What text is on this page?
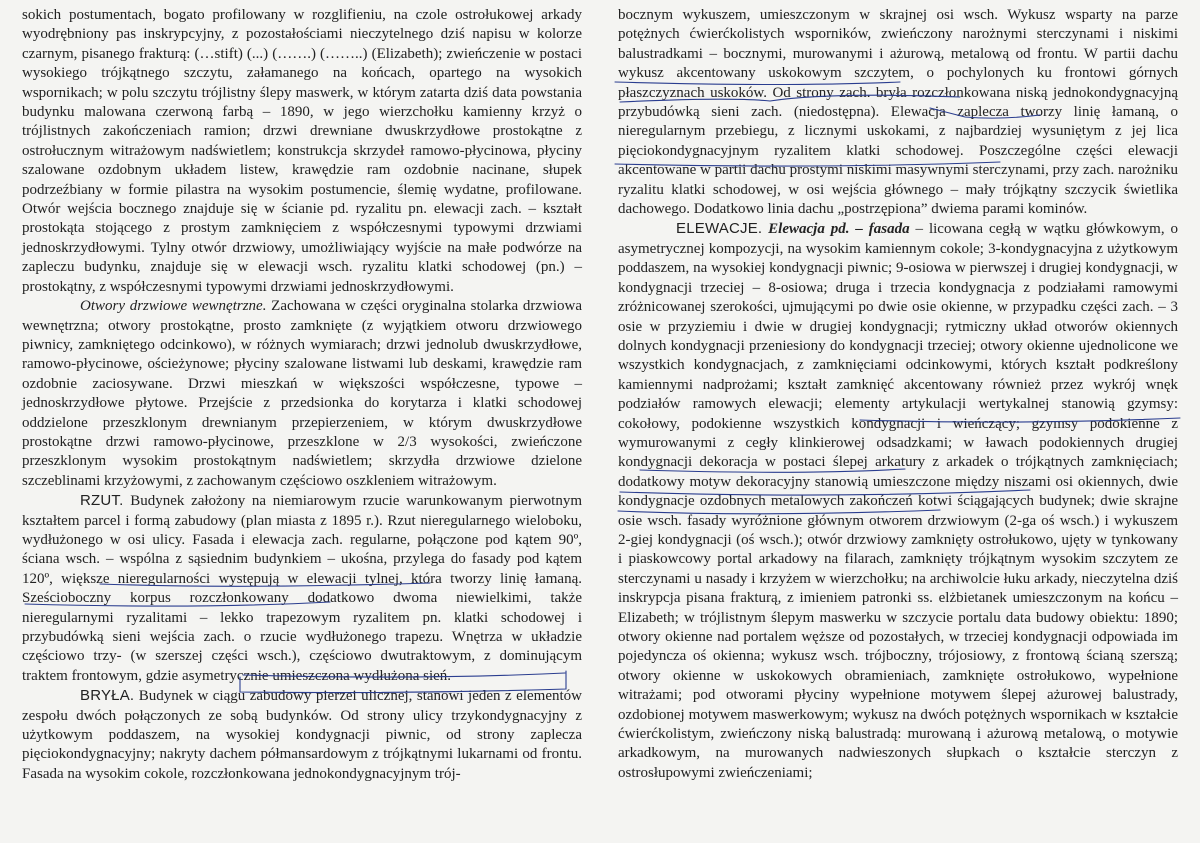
sokich postumentach, bogato profilowany w rozglifieniu, na czole ostrołukowej arkady wyodrębniony pas inskrypcyjny, z pozostałościami nieczytelnego dziś napisu w kolorze czarnym, pisanego frakturą: (…stift) (...) (…….) (……..) (Elizabeth); zwieńczenie w postaci wysokiego trójkątnego szczytu, załamanego na końcach, opartego na wysokich wspornikach; w polu szczytu trójlistny ślepy maswerk, w którym zatarta dziś data powstania budynku malowana czerwoną farbą – 1890, w jego wierzchołku kamienny krzyż o trójlistnych zakończeniach ramion; drzwi drewniane dwuskrzydłowe prostokątne z ostrołucznym witrażowym nadświetlem; konstrukcja skrzydeł ramowo-płycinowa, płyciny szalowane ozdobnym układem listew, krawędzie ram ozdobnie nacinane, słupek podrzeźbiany w formie pilastra na wysokim postumencie, ślemię wydatne, profilowane. Otwór wejścia bocznego znajduje się w ścianie pd. ryzalitu pn. elewacji zach. – kształt prostokąta stojącego z prostym zamknięciem z współczesnymi typowymi drzwiami jednoskrzydłowymi. Tylny otwór drzwiowy, umożliwiający wyjście na małe podwórze na zapleczu budynku, znajduje się w elewacji wsch. ryzalitu klatki schodowej (pn.) – prostokątny, z współczesnymi typowymi drzwiami jednoskrzydłowymi.

Otwory drzwiowe wewnętrzne. Zachowana w części oryginalna stolarka drzwiowa wewnętrzna; otwory prostokątne, prosto zamknięte (z wyjątkiem otworu drzwiowego piwnicy, zamkniętego odcinkowo), w różnych wymiarach; drzwi jednolub dwuskrzydłowe, ramowo-płycinowe, ościeżynowe; płyciny szalowane listwami lub deskami, krawędzie ram ozdobnie zaciosywane. Drzwi mieszkań w większości współczesne, typowe – jednoskrzydłowe płytowe. Przejście z przedsionka do korytarza i klatki schodowej oddzielone przeszklonym drewnianym przepierzeniem, w którym dwuskrzydłowe prostokątne drzwi ramowo-płycinowe, przeszklone w 2/3 wysokości, zwieńczone przeszklonym wysokim prostokątnym nadświetlem; skrzydła drzwiowe dzielone szczeblinami krzyżowymi, z zachowanym częściowo oszkleniem witrażowym.

RZUT. Budynek założony na niemiarowym rzucie warunkowanym pierwotnym kształtem parcel i formą zabudowy (plan miasta z 1895 r.). Rzut nieregularnego wieloboku, wydłużonego w osi ulicy. Fasada i elewacja zach. regularne, połączone pod kątem 90º, ściana wsch. – wspólna z sąsiednim budynkiem – ukośna, przylega do fasady pod kątem 120º, większe nieregularności występują w elewacji tylnej, która tworzy linię łamaną. Sześcioboczny korpus rozczłonkowany dodatkowo dwoma niewielkimi, także nieregularnymi ryzalitami – lekko trapezowym ryzalitem pn. klatki schodowej i przybudówką sieni wejścia zach. o rzucie wydłużonego trapezu. Wnętrza w układzie częściowo trzy- (w szerszej części wsch.), częściowo dwutraktowym, z dominującym traktem frontowym, gdzie asymetrycznie umieszczona wydłużona sień.

BRYŁA. Budynek w ciągu zabudowy pierzei ulicznej, stanowi jeden z elementów zespołu dwóch połączonych ze sobą budynków. Od strony ulicy trzykondygnacyjny z użytkowym poddaszem, na wysokiej kondygnacji piwnic, od strony zaplecza pięciokondygnacyjny; nakryty dachem półmansardowym z trójkątnymi lukarnami od frontu. Fasada na wysokim cokole, rozczłonkowana jednokondygnacyjnym trój-

bocznym wykuszem, umieszczonym w skrajnej osi wsch. Wykusz wsparty na parze potężnych ćwierćkolistych wsporników, zwieńczony narożnymi sterczynami i niskimi balustradkami – bocznymi, murowanymi i ażurową, metalową od frontu. W partii dachu wykusz akcentowany uskokowym szczytem, o pochylonych ku frontowi górnych płaszczyznach uskoków. Od strony zach. bryła rozczłonkowana niską jednokondygnacyjną przybudówką sieni zach. (niedostępna). Elewacja zaplecza tworzy linię łamaną, o nieregularnym przebiegu, z licznymi uskokami, z najbardziej wysuniętym z jej lica pięciokondygnacyjnym ryzalitem klatki schodowej. Poszczególne części elewacji akcentowane w partii dachu prostymi niskimi masywnymi sterczynami, przy zach. narożniku ryzalitu klatki schodowej, w osi wejścia głównego – mały trójkątny szczycik świetlika dachowego. Dodatkowo linia dachu „postrzępiona” dwiema parami kominów.

ELEWACJE. Elewacja pd. – fasada – licowana cegłą w wątku główkowym, o asymetrycznej kompozycji, na wysokim kamiennym cokole; 3-kondygnacyjna z użytkowym poddaszem, na wysokiej kondygnacji piwnic; 9-osiowa w pierwszej i drugiej kondygnacji, w kondygnacji trzeciej – 8-osiowa; druga i trzecia kondygnacja z podziałami ramowymi zróżnicowanej szerokości, ujmującymi po dwie osie okienne, w przypadku części zach. – 3 osie w przyziemiu i dwie w drugiej kondygnacji; rytmiczny układ otworów okiennych dolnych kondygnacji przeniesiony do kondygnacji trzeciej; otwory okienne ujednolicone we wszystkich kondygnacjach, z zamknięciami odcinkowymi, których kształt podkreślony kamiennymi nadprożami; kształt zamknięć akcentowany również przez wykrój wnęk podziałów ramowych elewacji; elementy artykulacji wertykalnej stanowią gzymsy: cokołowy, podokienne wszystkich kondygnacji i wieńczący; gzymsy podokienne z wymurowanymi z cegły klinkierowej odsadzkami; w ławach podokiennych drugiej kondygnacji dekoracja w postaci ślepej arkatury z arkadek o trójkątnych zamknięciach; dodatkowy motyw dekoracyjny stanowią umieszczone między niszami osi okiennych, dwie kondygnacje ozdobnych metalowych zakończeń kotwi ściągających budynek; dwie skrajne osie wsch. fasady wyróżnione głównym otworem drzwiowym (2-ga oś wsch.) i wykuszem 2-giej kondygnacji (oś wsch.); otwór drzwiowy zamknięty ostrołukowo, ujęty w tynkowany i piaskowcowy portal arkadowy na filarach, zamknięty trójkątnym wysokim szczytem ze sterczynami u nasady i krzyżem w wierzchołku; na archiwolcie łuku arkady, nieczytelna dziś inskrypcja pisana frakturą, z imieniem patronki ss. elżbietanek umieszczonym na końcu – Elizabeth; w trójlistnym ślepym maswerku w szczycie portalu data budowy obiektu: 1890; otwory okienne nad portalem węższe od pozostałych, w trzeciej kondygnacji odpowiada im pojedyncza oś okienna; wykusz wsch. trójboczny, trójosiowy, z frontową ścianą szerszą; otwory okienne w uskokowych obramieniach, zamknięte ostrołukowo, wypełnione witrażami; pod otworami płyciny wypełnione motywem ślepej ażurowej balustrady, ozdobionej motywem maswerkowym; wykusz na dwóch potężnych wspornikach w kształcie ćwierćkolistym, zwieńczony niską balustradą: murowaną i ażurową metalową, o motywie arkadkowym, na murowanych nadwieszonych słupkach o kształcie sterczyn z ostrosłupowymi zwieńczeniami;
